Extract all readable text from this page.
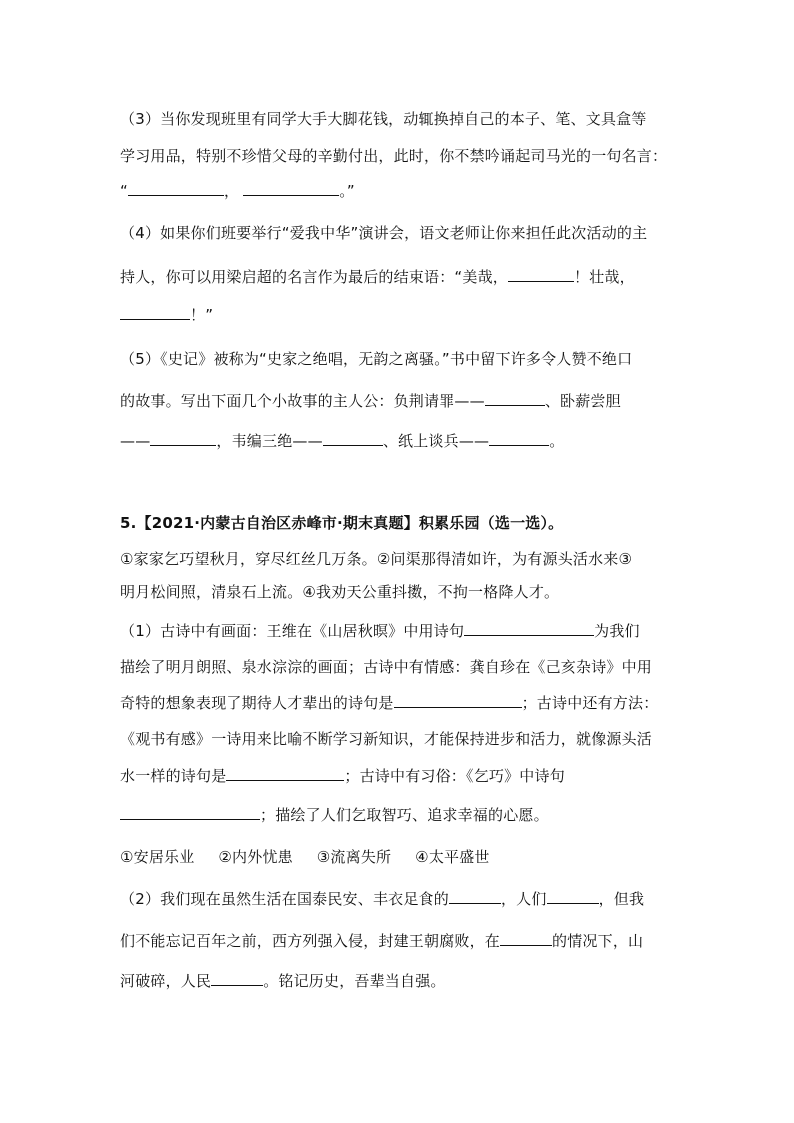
（3）当你发现班里有同学大手大脚花钱，动辄换掉自己的本子、笔、文具盒等
学习用品，特别不珍惜父母的辛勤付出，此时，你不禁吟诵起司马光的一句名言：
“	，	。”
（4）如果你们班要举行“爱我中华”演讲会，语文老师让你来担任此次活动的主
持人，你可以用梁启超的名言作为最后的结束语：“美哉，	！壮哉，
！”
（5）《史记》被称为“史家之绝唱，无韵之离骚。”书中留下许多令人赞不绝口
的故事。写出下面几个小故事的主人公：负荆请罪——	、卧薪尝胆
——	，韦编三绝——	、纸上谈兵——	。
5.【2021·内蒙古自治区赤峰市·期末真题】积累乐园（选一选）。
①家家乞巧望秋月，穿尽红丝几万条。②问渠那得清如许，为有源头活水来③
明月松间照，清泉石上流。④我劝天公重抖擞，不拘一格降人才。
（1）古诗中有画面：王维在《山居秋暝》中用诗句	为我们
描绘了明月朗照、泉水淙淙的画面；古诗中有情感：龚自珍在《己亥杂诗》中用
奇特的想象表现了期待人才辈出的诗句是	；古诗中还有方法：
《观书有感》一诗用来比喻不断学习新知识，才能保持进步和活力，就像源头活
水一样的诗句是	；古诗中有习俗：《乞巧》中诗句
；描绘了人们乞取智巧、追求幸福的心愿。
①安居乐业 ②内外忧患 ③流离失所 ④太平盛世
（2）我们现在虽然生活在国泰民安、丰衣足食的	，人们	，但我
们不能忘记百年之前，西方列强入侵，封建王朝腐败，在	的情况下，山
河破碎，人民	。铭记历史，吾辈当自强。
